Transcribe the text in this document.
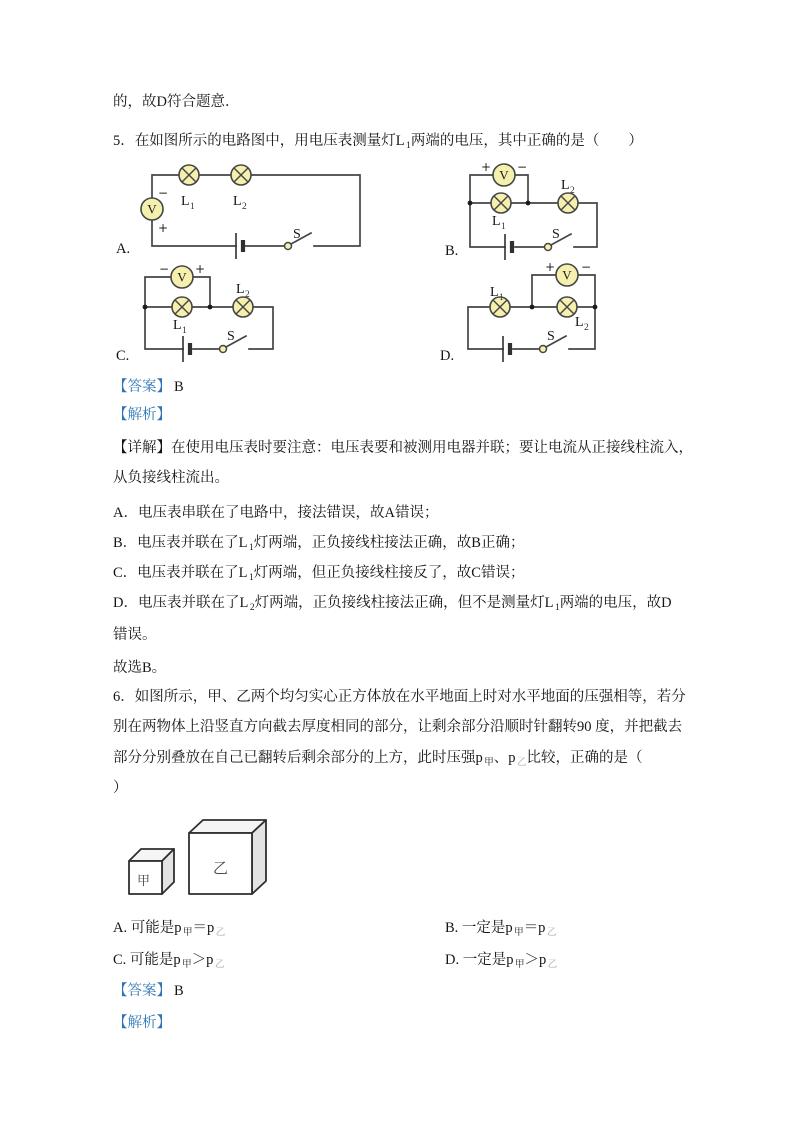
的，故D符合题意．

5．在如图所示的电路图中，用电压表测量灯L $_1$两端的电压，其中正确的是（　　）

V
−
+
L 1	L 2
S

A.

V
+ −
L 1
L 2
S

B.

V
− +
L 1
L 2
S

C.

V
+ −
L 1
L 2
S

D.

【答案】 B

【解析】

【详解】在使用电压表时要注意：电压表要和被测用电器并联；要让电流从正接线柱流入，

从负接线柱流出。

A．电压表串联在了电路中，接法错误，故A错误；

B．电压表并联在了L $_1$灯两端，正负接线柱接法正确，故B正确；

C．电压表并联在了L $_1$灯两端，但正负接线柱接反了，故C错误；

D．电压表并联在了L $_2$灯两端，正负接线柱接法正确，但不是测量灯L $_1$两端的电压，故D

错误。

故选B。

6．如图所示，甲、乙两个均匀实心正方体放在水平地面上时对水平地面的压强相等，若分

别在两物体上沿竖直方向截去厚度相同的部分，让剩余部分沿顺时针翻转90 度，并把截去

部分分别叠放在自己已翻转后剩余部分的上方，此时压强p $_甲$、p $_乙$比较，正确的是（

）

甲
乙

A. 可能是p $_甲$＝p $_乙$	B. 一定是p $_甲$＝p $_乙$

C. 可能是p $_甲$＞p $_乙$	D. 一定是p $_甲$＞p $_乙$

【答案】 B

【解析】
